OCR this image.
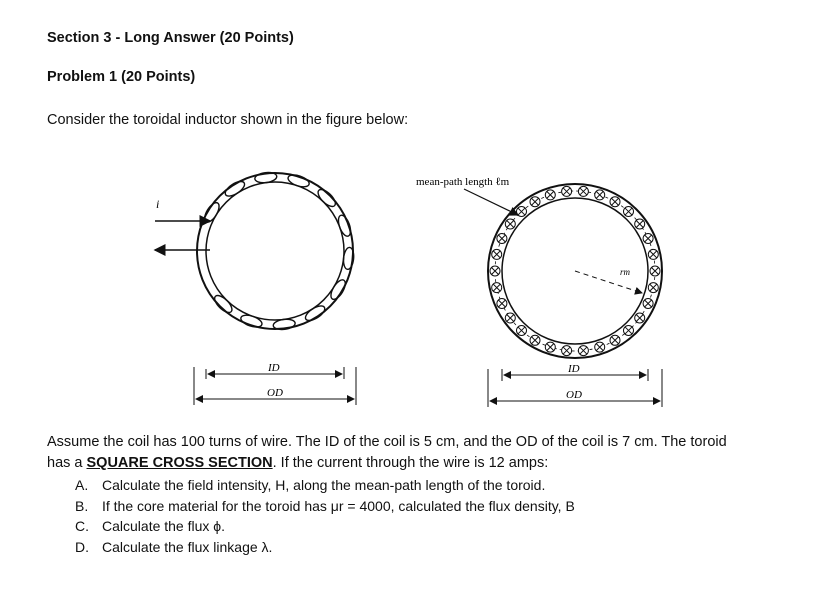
Section 3 - Long Answer (20 Points)
Problem 1 (20 Points)
Consider the toroidal inductor shown in the figure below:
i
ID
OD
rm
mean-path length ℓm
ID
OD
Assume the coil has 100 turns of wire. The ID of the coil is 5 cm, and the OD of the coil is 7 cm. The toroid
has a SQUARE CROSS SECTION. If the current through the wire is 12 amps:
A. Calculate the field intensity, H, along the mean-path length of the toroid.
B. If the core material for the toroid has μr = 4000, calculated the flux density, B
C. Calculate the flux ϕ.
D. Calculate the flux linkage λ.
